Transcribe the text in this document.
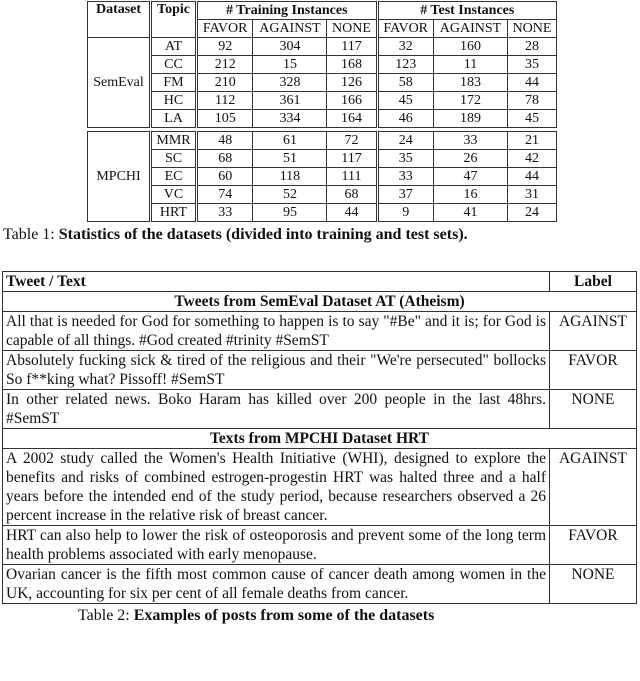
Dataset	Topic	# Training Instances			# Test Instances		
		FAVOR	AGAINST	NONE	FAVOR	AGAINST	NONE
SemEval	AT	92	304	117	32	160	28
	CC	212	15	168	123	11	35
	FM	210	328	126	58	183	44
	HC	112	361	166	45	172	78
	LA	105	334	164	46	189	45

MPCHI	MMR	48	61	72	24	33	21
	SC	68	51	117	35	26	42
	EC	60	118	111	33	47	44
	VC	74	52	68	37	16	31
	HRT	33	95	44	9	41	24
Table 1: Statistics of the datasets (divided into training and test sets).
Tweet / Text	Label
Tweets from SemEval Dataset AT (Atheism)	
All that is needed for God for something to happen is to say "#Be" and it is; for God is capable of all things. #God created #trinity #SemST	AGAINST
Absolutely fucking sick & tired of the religious and their "We're persecuted" bollocks So f**king what? Pissoff! #SemST	FAVOR
In other related news. Boko Haram has killed over 200 people in the last 48hrs. #SemST	NONE
Texts from MPCHI Dataset HRT	
A 2002 study called the Women's Health Initiative (WHI), designed to explore the benefits and risks of combined estrogen-progestin HRT was halted three and a half years before the intended end of the study period, because researchers observed a 26 percent increase in the relative risk of breast cancer.	AGAINST
HRT can also help to lower the risk of osteoporosis and prevent some of the long term health problems associated with early menopause.	FAVOR
Ovarian cancer is the fifth most common cause of cancer death among women in the UK, accounting for six per cent of all female deaths from cancer.	NONE
Table 2: Examples of posts from some of the datasets
